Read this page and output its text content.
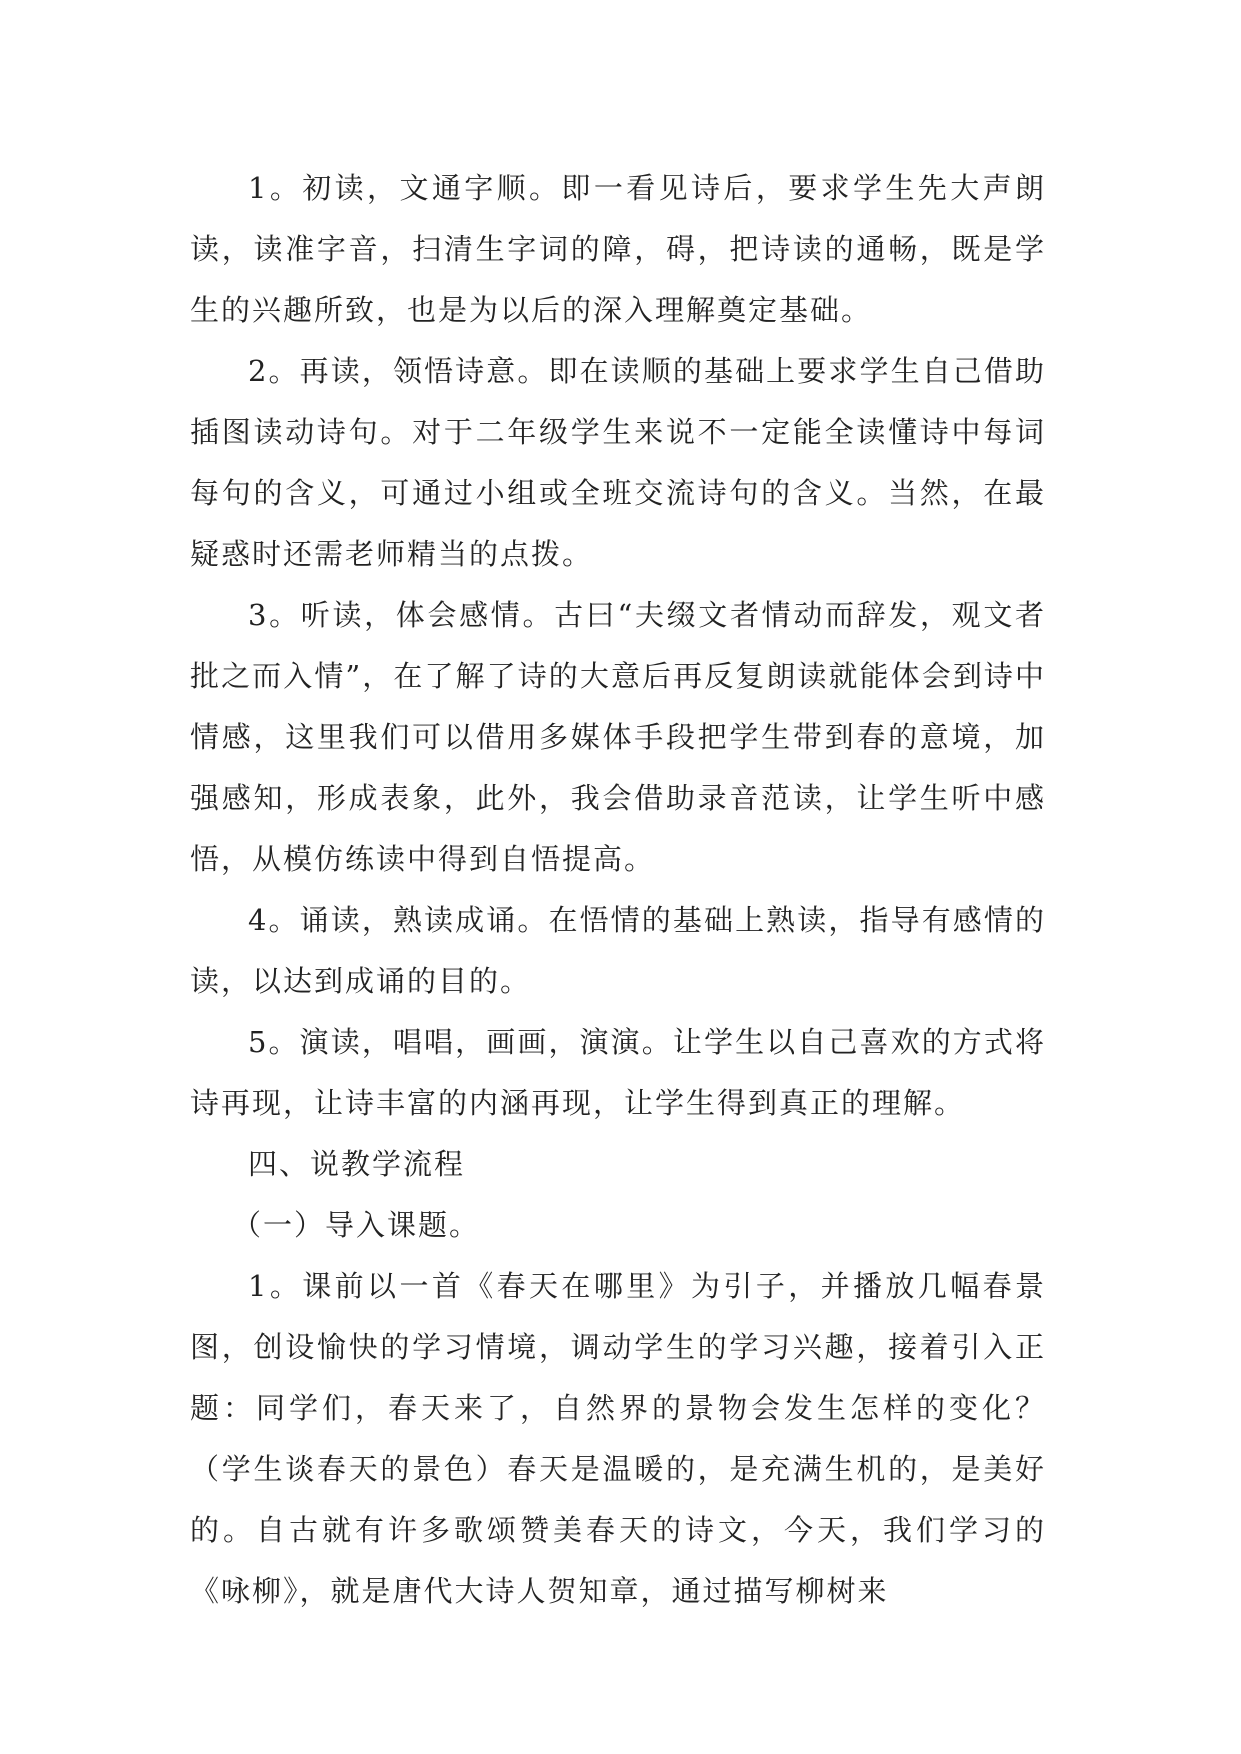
1。初读，文通字顺。即一看见诗后，要求学生先大声朗读，读准字音，扫清生字词的障，碍，把诗读的通畅，既是学生的兴趣所致，也是为以后的深入理解奠定基础。

2。再读，领悟诗意。即在读顺的基础上要求学生自己借助插图读动诗句。对于二年级学生来说不一定能全读懂诗中每词每句的含义，可通过小组或全班交流诗句的含义。当然，在最疑惑时还需老师精当的点拨。

3。听读，体会感情。古曰“夫缀文者情动而辞发，观文者批之而入情”，在了解了诗的大意后再反复朗读就能体会到诗中情感，这里我们可以借用多媒体手段把学生带到春的意境，加强感知，形成表象，此外，我会借助录音范读，让学生听中感悟，从模仿练读中得到自悟提高。

4。诵读，熟读成诵。在悟情的基础上熟读，指导有感情的读，以达到成诵的目的。

5。演读，唱唱，画画，演演。让学生以自己喜欢的方式将诗再现，让诗丰富的内涵再现，让学生得到真正的理解。

四、说教学流程

（一）导入课题。

1。课前以一首《春天在哪里》为引子，并播放几幅春景图，创设愉快的学习情境，调动学生的学习兴趣，接着引入正题：同学们，春天来了，自然界的景物会发生怎样的变化？（学生谈春天的景色）春天是温暖的，是充满生机的，是美好的。自古就有许多歌颂赞美春天的诗文，今天，我们学习的《咏柳》，就是唐代大诗人贺知章，通过描写柳树来
